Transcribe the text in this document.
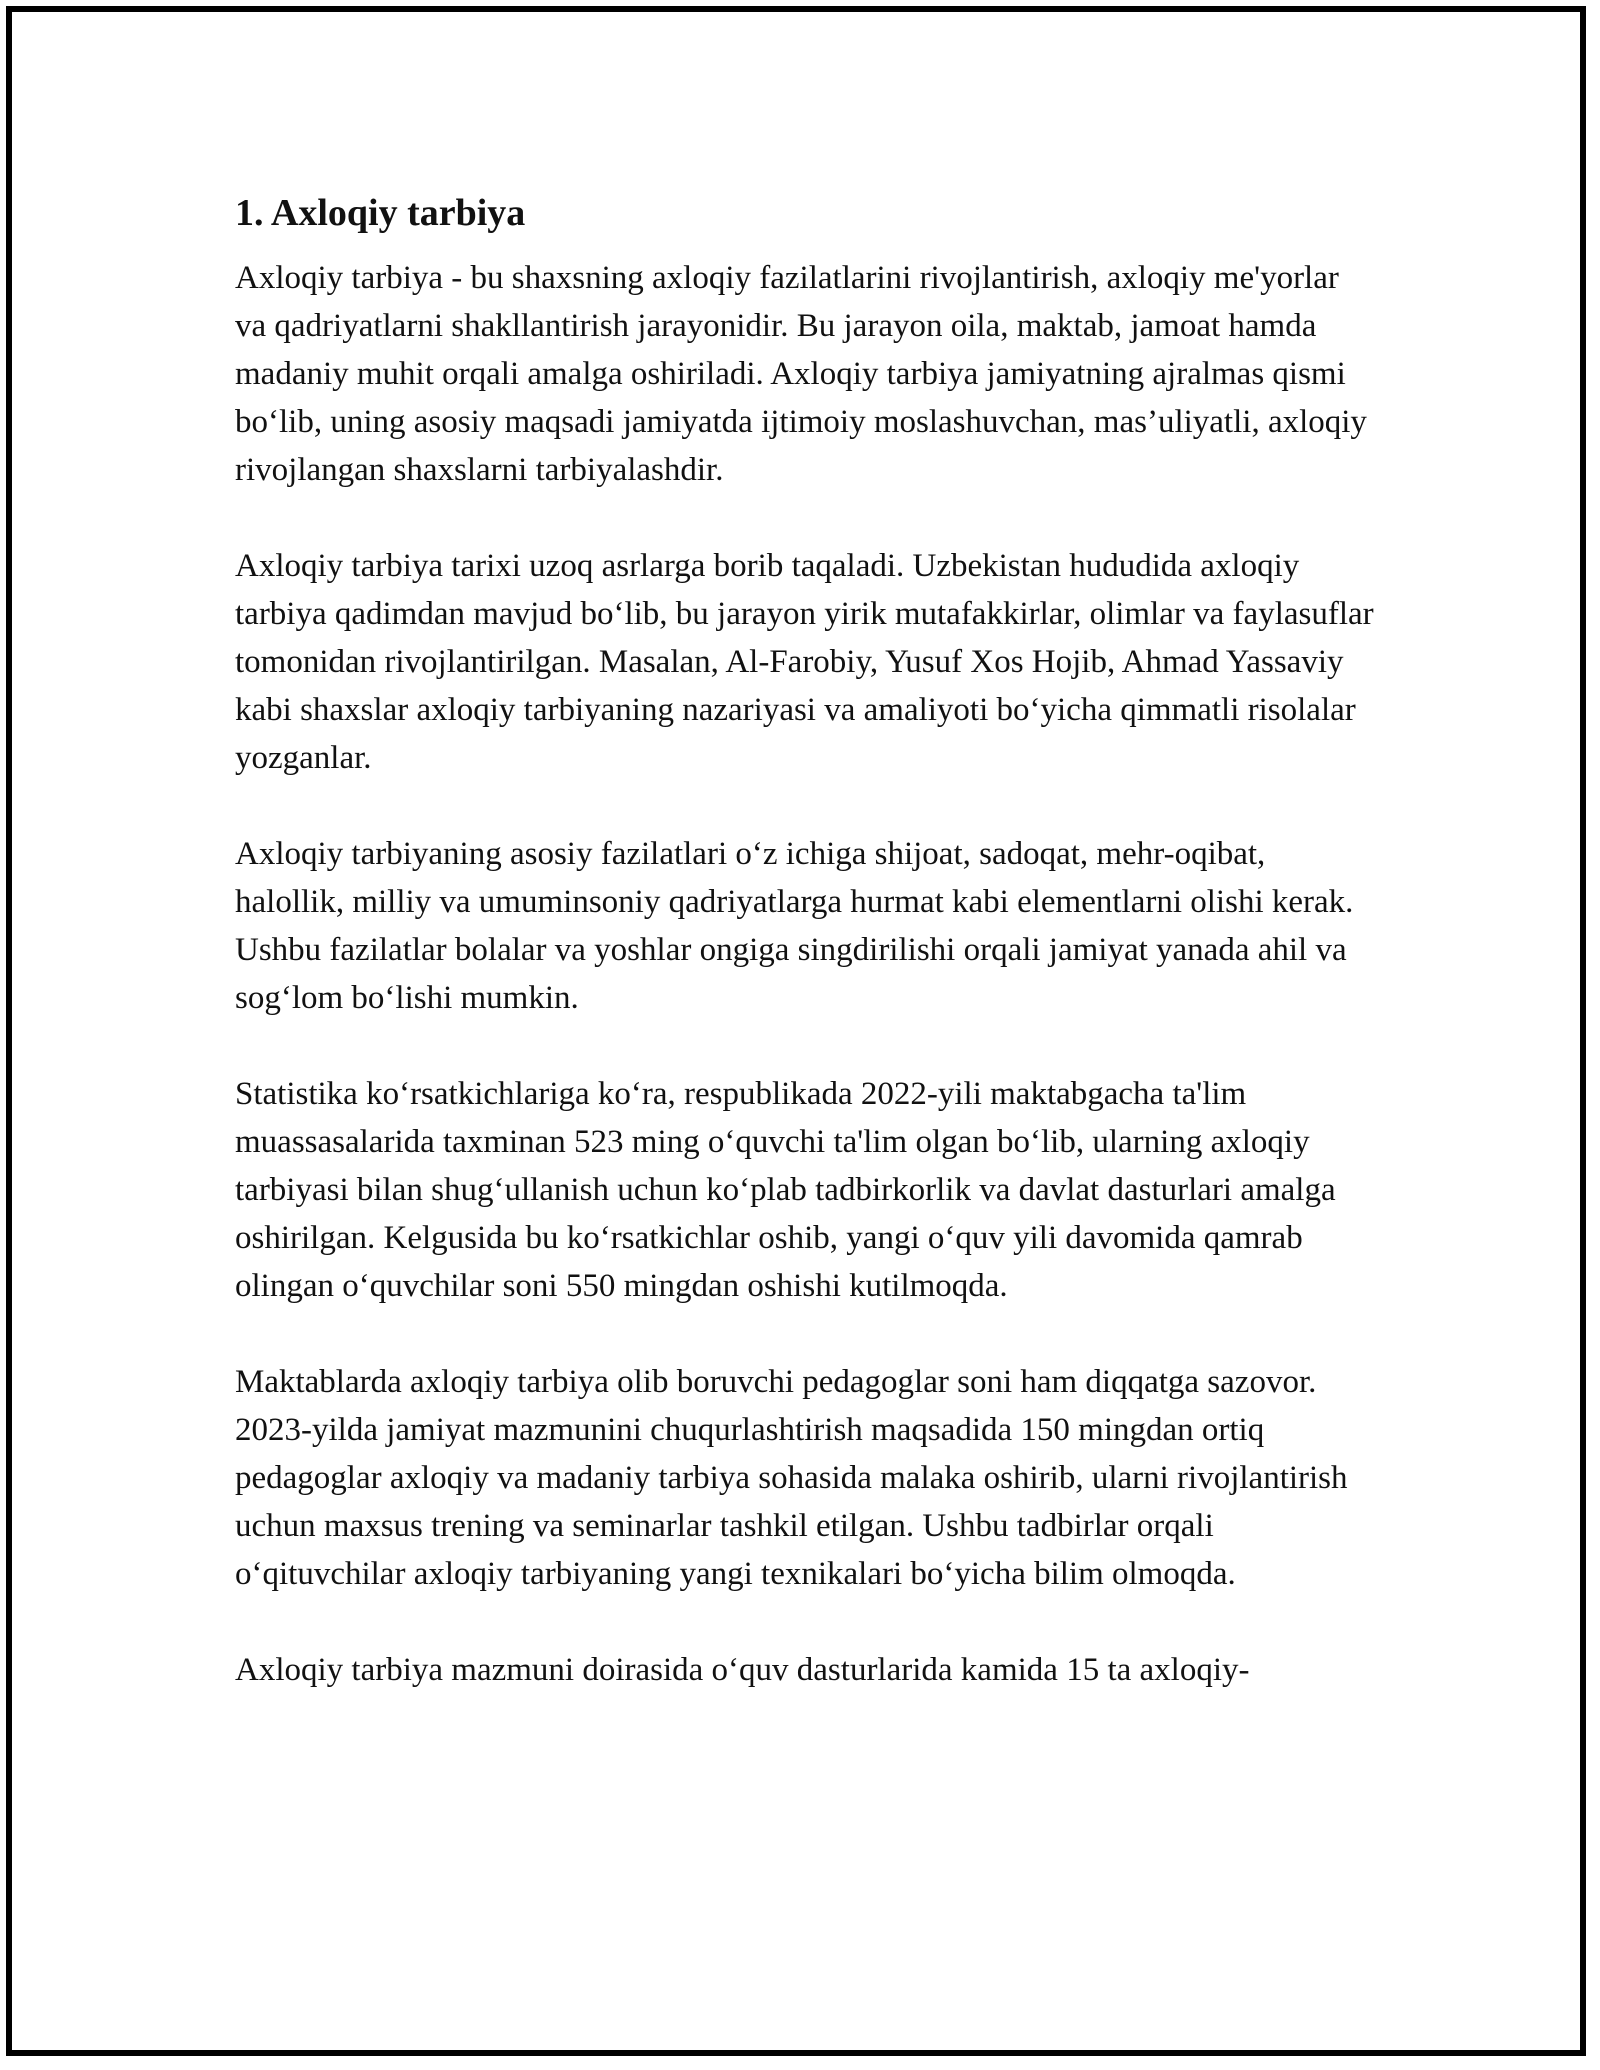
1. Axloqiy tarbiya

Axloqiy tarbiya - bu shaxsning axloqiy fazilatlarini rivojlantirish, axloqiy me'yorlar va qadriyatlarni shakllantirish jarayonidir. Bu jarayon oila, maktab, jamoat hamda madaniy muhit orqali amalga oshiriladi. Axloqiy tarbiya jamiyatning ajralmas qismi bo‘lib, uning asosiy maqsadi jamiyatda ijtimoiy moslashuvchan, mas’uliyatli, axloqiy rivojlangan shaxslarni tarbiyalashdir.

Axloqiy tarbiya tarixi uzoq asrlarga borib taqaladi. Uzbekistan hududida axloqiy tarbiya qadimdan mavjud bo‘lib, bu jarayon yirik mutafakkirlar, olimlar va faylasuflar tomonidan rivojlantirilgan. Masalan, Al-Farobiy, Yusuf Xos Hojib, Ahmad Yassaviy kabi shaxslar axloqiy tarbiyaning nazariyasi va amaliyoti bo‘yicha qimmatli risolalar yozganlar.

Axloqiy tarbiyaning asosiy fazilatlari o‘z ichiga shijoat, sadoqat, mehr-oqibat, halollik, milliy va umuminsoniy qadriyatlarga hurmat kabi elementlarni olishi kerak. Ushbu fazilatlar bolalar va yoshlar ongiga singdirilishi orqali jamiyat yanada ahil va sog‘lom bo‘lishi mumkin.

Statistika ko‘rsatkichlariga ko‘ra, respublikada 2022-yili maktabgacha ta'lim muassasalarida taxminan 523 ming o‘quvchi ta'lim olgan bo‘lib, ularning axloqiy tarbiyasi bilan shug‘ullanish uchun ko‘plab tadbirkorlik va davlat dasturlari amalga oshirilgan. Kelgusida bu ko‘rsatkichlar oshib, yangi o‘quv yili davomida qamrab olingan o‘quvchilar soni 550 mingdan oshishi kutilmoqda.

Maktablarda axloqiy tarbiya olib boruvchi pedagoglar soni ham diqqatga sazovor. 2023-yilda jamiyat mazmunini chuqurlashtirish maqsadida 150 mingdan ortiq pedagoglar axloqiy va madaniy tarbiya sohasida malaka oshirib, ularni rivojlantirish uchun maxsus trening va seminarlar tashkil etilgan. Ushbu tadbirlar orqali o‘qituvchilar axloqiy tarbiyaning yangi texnikalari bo‘yicha bilim olmoqda.

Axloqiy tarbiya mazmuni doirasida o‘quv dasturlarida kamida 15 ta axloqiy-
